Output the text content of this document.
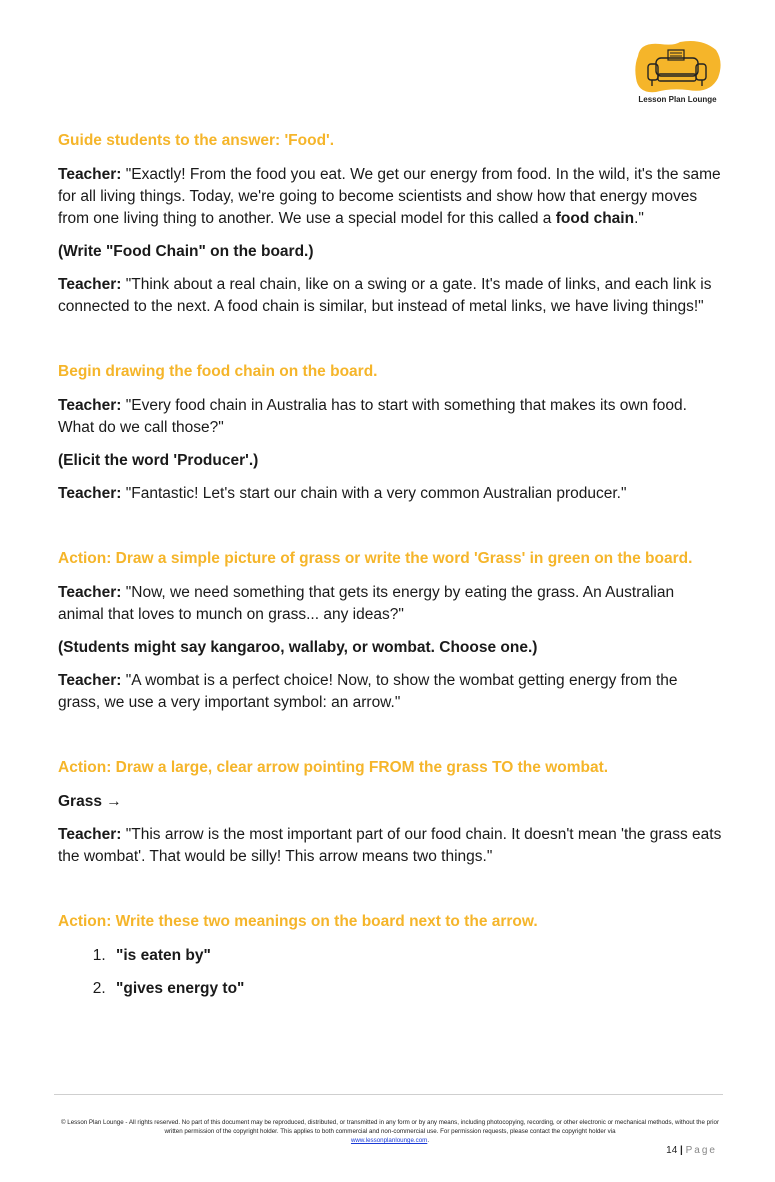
Lesson Plan Lounge
Guide students to the answer: 'Food'.
Teacher: "Exactly! From the food you eat. We get our energy from food. In the wild, it's the same for all living things. Today, we're going to become scientists and show how that energy moves from one living thing to another. We use a special model for this called a food chain."
(Write "Food Chain" on the board.)
Teacher: "Think about a real chain, like on a swing or a gate. It's made of links, and each link is connected to the next. A food chain is similar, but instead of metal links, we have living things!"
Begin drawing the food chain on the board.
Teacher: "Every food chain in Australia has to start with something that makes its own food. What do we call those?"
(Elicit the word 'Producer'.)
Teacher: "Fantastic! Let's start our chain with a very common Australian producer."
Action: Draw a simple picture of grass or write the word 'Grass' in green on the board.
Teacher: "Now, we need something that gets its energy by eating the grass. An Australian animal that loves to munch on grass... any ideas?"
(Students might say kangaroo, wallaby, or wombat. Choose one.)
Teacher: "A wombat is a perfect choice! Now, to show the wombat getting energy from the grass, we use a very important symbol: an arrow."
Action: Draw a large, clear arrow pointing FROM the grass TO the wombat.
Grass →
Teacher: "This arrow is the most important part of our food chain. It doesn't mean 'the grass eats the wombat'. That would be silly! This arrow means two things."
Action: Write these two meanings on the board next to the arrow.
1. "is eaten by"
2. "gives energy to"
© Lesson Plan Lounge - All rights reserved. No part of this document may be reproduced, distributed, or transmitted in any form or by any means, including photocopying, recording, or other electronic or mechanical methods, without the prior written permission of the copyright holder. This applies to both commercial and non-commercial use. For permission requests, please contact the copyright holder via
www.lessonplanlounge.com.
14 | Page
